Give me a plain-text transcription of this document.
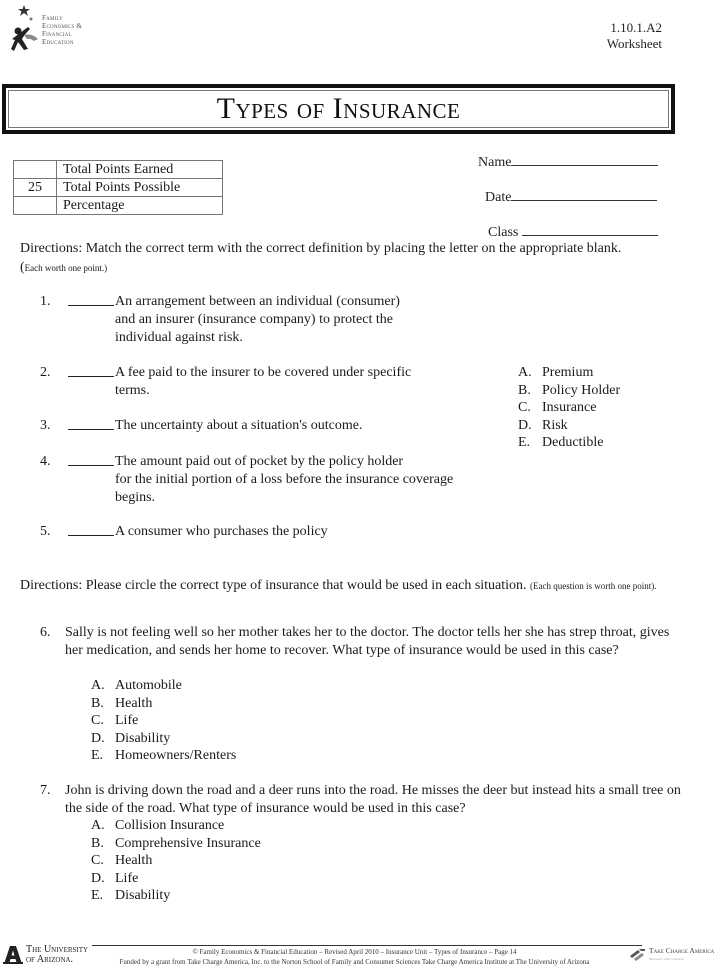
Family
Economics &
Financial
Education
1.10.1.A2
Worksheet
Types of Insurance
	Total Points Earned
25	Total Points Possible
	Percentage
Name
Date
Class
Directions: Match the correct term with the correct definition by placing the letter on the appropriate blank.
(Each worth one point.)
1.	An arrangement between an individual (consumer)
and an insurer (insurance company) to protect the
individual against risk.
2.	A fee paid to the insurer to be covered under specific
terms.
3.	The uncertainty about a situation's outcome.
4.	The amount paid out of pocket by the policy holder
for the initial portion of a loss before the insurance coverage
begins.
5.	A consumer who purchases the policy
A. Premium
B. Policy Holder
C. Insurance
D. Risk
E. Deductible
Directions: Please circle the correct type of insurance that would be used in each situation. (Each question is worth one point).
6.	Sally is not feeling well so her mother takes her to the doctor. The doctor tells her she has strep throat, gives her medication, and sends her home to recover. What type of insurance would be used in this case?
A. Automobile
B. Health
C. Life
D. Disability
E. Homeowners/Renters
7.	John is driving down the road and a deer runs into the road. He misses the deer but instead hits a small tree on the side of the road. What type of insurance would be used in this case?
A. Collision Insurance
B. Comprehensive Insurance
C. Health
D. Life
E. Disability
The University
of Arizona.
© Family Economics & Financial Education – Revised April 2010 – Insurance Unit – Types of Insurance – Page 14
Funded by a grant from Take Charge America, Inc. to the Norton School of Family and Consumer Sciences Take Charge America Institute at The University of Arizona
Take Charge America
Non-profit credit counseling
